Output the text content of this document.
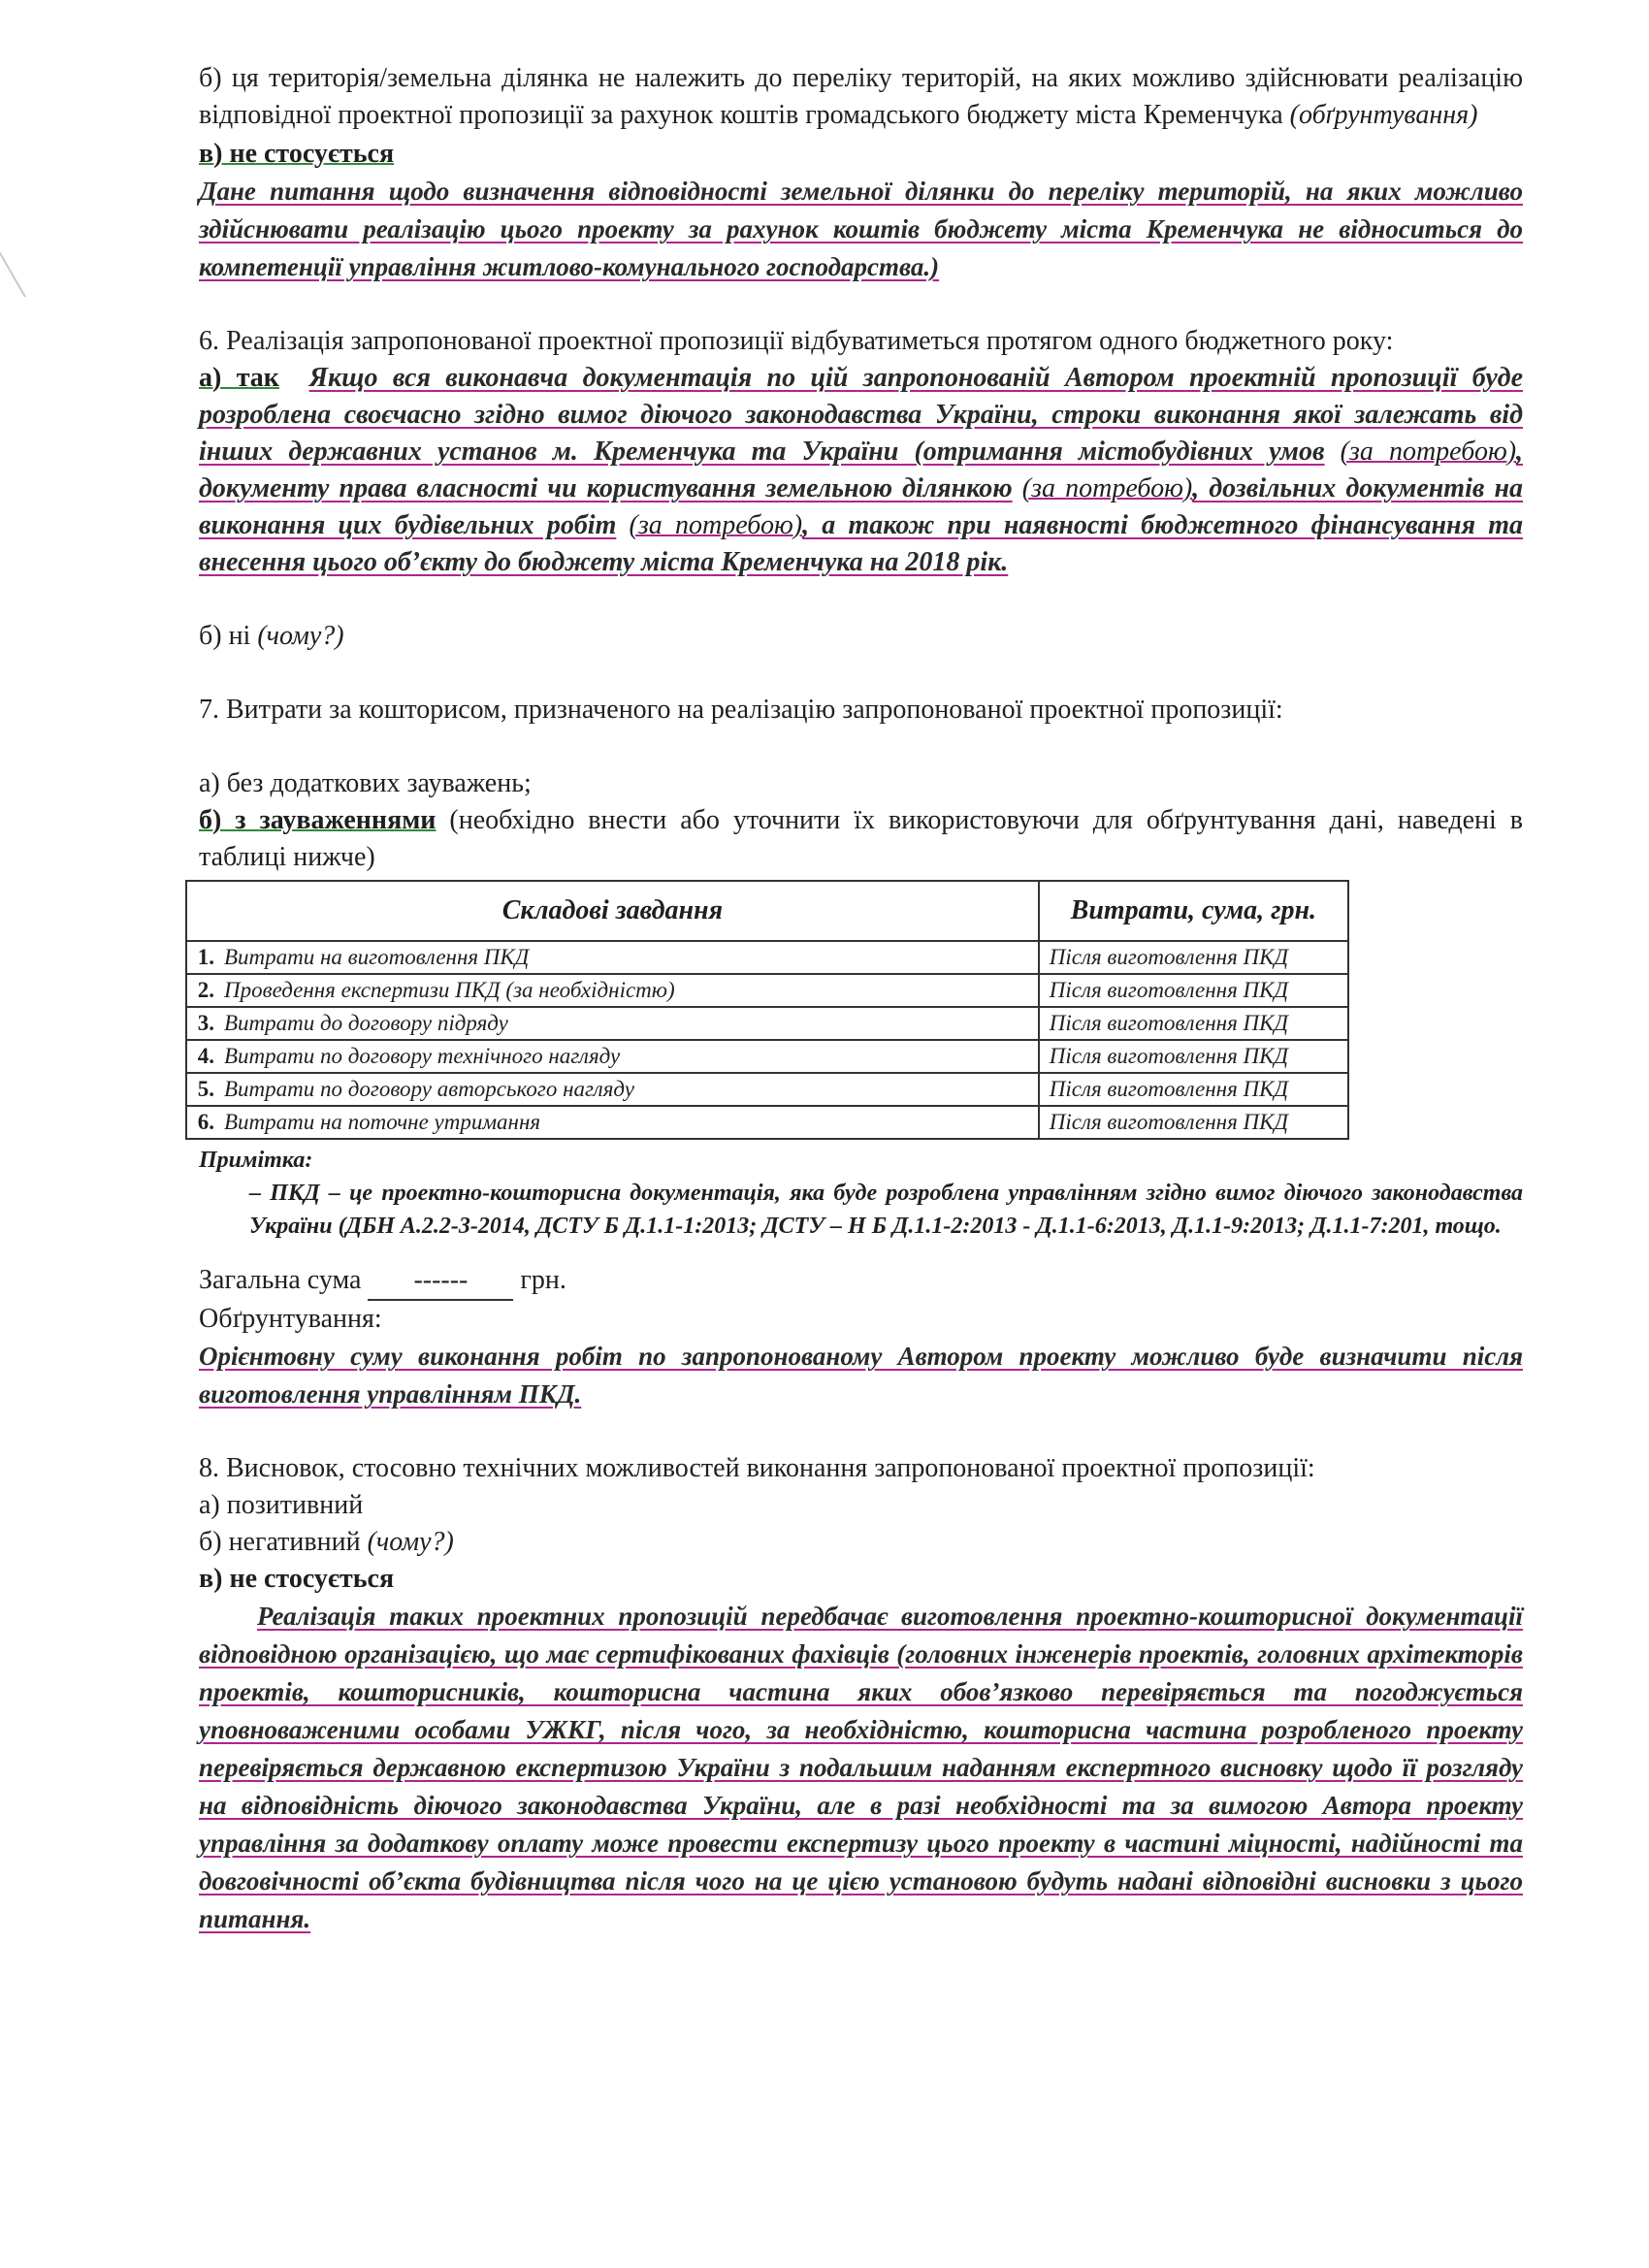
б) ця територія/земельна ділянка не належить до переліку територій, на яких можливо здійснювати реалізацію відповідної проектної пропозиції за рахунок коштів громадського бюджету міста Кременчука (обґрунтування)

в) не стосується

Дане питання щодо визначення відповідності земельної ділянки до переліку територій, на яких можливо здійснювати реалізацію цього проекту за рахунок коштів бюджету міста Кременчука не відноситься до компетенції управління житлово-комунального господарства.)

6. Реалізація запропонованої проектної пропозиції відбуватиметься протягом одного бюджетного року:

а) так Якщо вся виконавча документація по цій запропонованій Автором проектній пропозиції буде розроблена своєчасно згідно вимог діючого законодавства України, строки виконання якої залежать від інших державних установ м. Кременчука та України (отримання містобудівних умов (за потребою), документу права власності чи користування земельною ділянкою (за потребою), дозвільних документів на виконання цих будівельних робіт (за потребою), а також при наявності бюджетного фінансування та внесення цього об’єкту до бюджету міста Кременчука на 2018 рік.

б) ні (чому?)

7. Витрати за кошторисом, призначеного на реалізацію запропонованої проектної пропозиції:

а) без додаткових зауважень;

б) з зауваженнями (необхідно внести або уточнити їх використовуючи для обґрунтування дані, наведені в таблиці нижче)

Складові завдання		Витрати, сума, грн.
1.	Витрати на виготовлення ПКД	Після виготовлення ПКД
2.	Проведення експертизи ПКД (за необхідністю)	Після виготовлення ПКД
3.	Витрати до договору підряду	Після виготовлення ПКД
4.	Витрати по договору технічного нагляду	Після виготовлення ПКД
5.	Витрати по договору авторського нагляду	Після виготовлення ПКД
6.	Витрати на поточне утримання	Після виготовлення ПКД

Примітка:

– ПКД – це проектно-кошторисна документація, яка буде розроблена управлінням згідно вимог діючого законодавства України (ДБН А.2.2-3-2014, ДСТУ Б Д.1.1-1:2013; ДСТУ – Н Б Д.1.1-2:2013 - Д.1.1-6:2013, Д.1.1-9:2013; Д.1.1-7:201, тощо.

Загальна сума ------ грн.

Обґрунтування:

Орієнтовну суму виконання робіт по запропонованому Автором проекту можливо буде визначити після виготовлення управлінням ПКД.

8. Висновок, стосовно технічних можливостей виконання запропонованої проектної пропозиції:

а) позитивний

б) негативний (чому?)

в) не стосується

Реалізація таких проектних пропозицій передбачає виготовлення проектно-кошторисної документації відповідною організацією, що має сертифікованих фахівців (головних інженерів проектів, головних архітекторів проектів, кошторисників, кошторисна частина яких обов’язково перевіряється та погоджується уповноваженими особами УЖКГ, після чого, за необхідністю, кошторисна частина розробленого проекту перевіряється державною експертизою України з подальшим наданням експертного висновку щодо її розгляду на відповідність діючого законодавства України, але в разі необхідності та за вимогою Автора проекту управління за додаткову оплату може провести експертизу цього проекту в частині міцності, надійності та довговічності об’єкта будівництва після чого на це цією установою будуть надані відповідні висновки з цього питання.
